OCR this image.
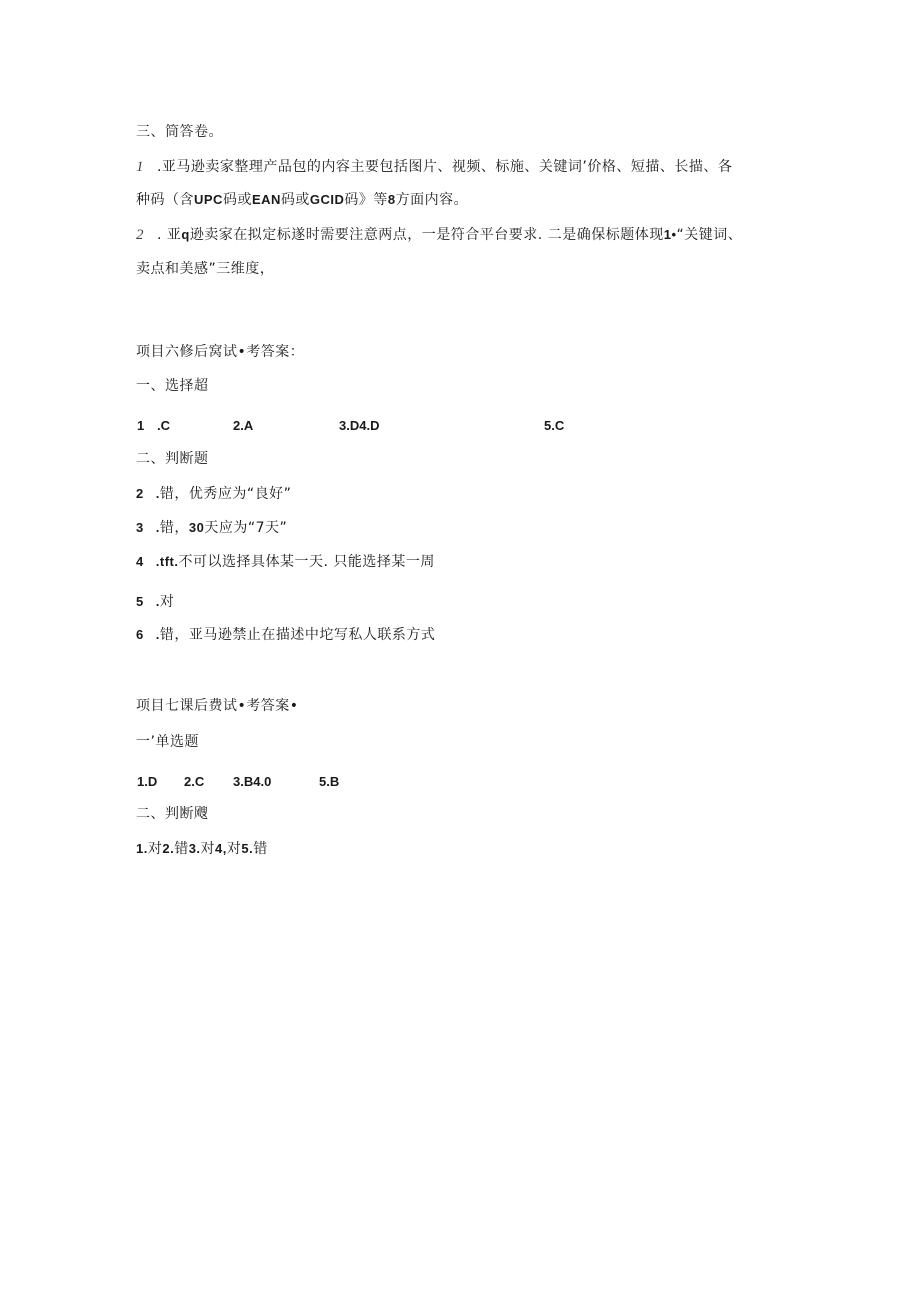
三、筒答卷。
1 .亚马逊卖家整理产品包的内容主要包括图片、视频、标施、关键词’价格、短描、长描、各
种码（含UPC码或EAN码或GCID码》等8方面内容。
2 . 亚q逊卖家在拟定标遂时需要注意两点，一是符合平台要求. 二是确保标题体现1•“关键词、
卖点和美感”三维度，
项目六修后窝试•考答案：
一、选择超
1 .C	2.A	3.D4.D	5.C
二、判断题
2 .错，优秀应为“良好”
3 .错，30天应为“7天”
4 .tft.不可以选择具体某一天. 只能选择某一周
5 .对
6 .错，亚马逊禁止在描述中坨写私人联系方式
项目七课后费试•考答案•
一’单选题
1.D 2.C 3.B4.0	5.B
二、判断飕
1.对2.错3.对4,对5.错
